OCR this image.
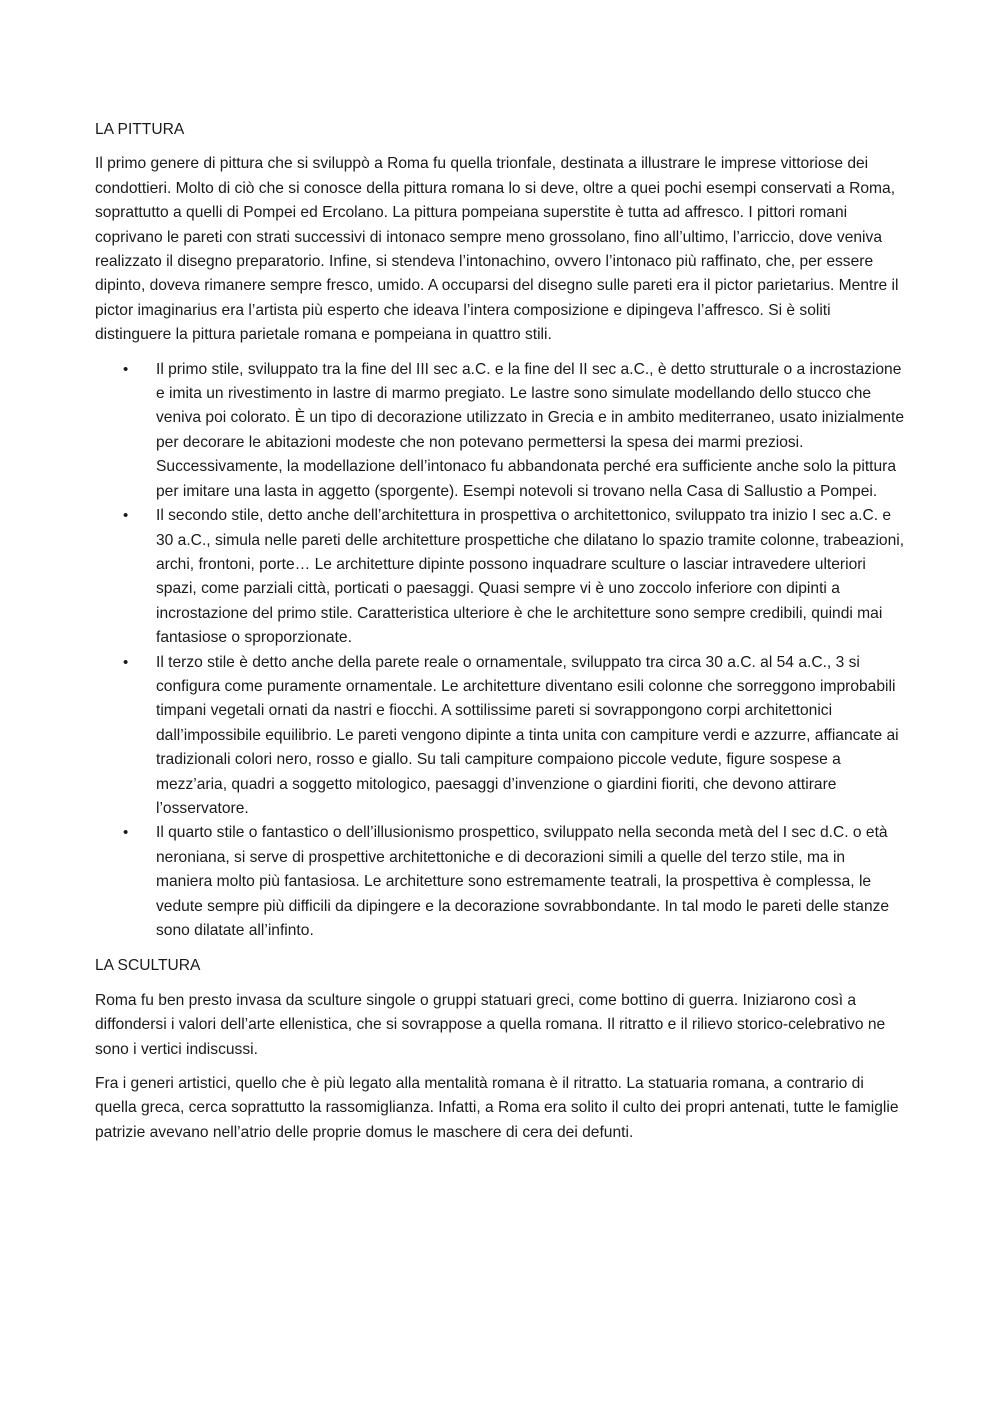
LA PITTURA

Il primo genere di pittura che si sviluppò a Roma fu quella trionfale, destinata a illustrare le imprese vittoriose dei condottieri. Molto di ciò che si conosce della pittura romana lo si deve, oltre a quei pochi esempi conservati a Roma, soprattutto a quelli di Pompei ed Ercolano. La pittura pompeiana superstite è tutta ad affresco. I pittori romani coprivano le pareti con strati successivi di intonaco sempre meno grossolano, fino all’ultimo, l’arriccio, dove veniva realizzato il disegno preparatorio. Infine, si stendeva l’intonachino, ovvero l’intonaco più raffinato, che, per essere dipinto, doveva rimanere sempre fresco, umido. A occuparsi del disegno sulle pareti era il pictor parietarius. Mentre il pictor imaginarius era l’artista più esperto che ideava l’intera composizione e dipingeva l’affresco. Si è soliti distinguere la pittura parietale romana e pompeiana in quattro stili.

• Il primo stile, sviluppato tra la fine del III sec a.C. e la fine del II sec a.C., è detto strutturale o a incrostazione e imita un rivestimento in lastre di marmo pregiato. Le lastre sono simulate modellando dello stucco che veniva poi colorato. È un tipo di decorazione utilizzato in Grecia e in ambito mediterraneo, usato inizialmente per decorare le abitazioni modeste che non potevano permettersi la spesa dei marmi preziosi. Successivamente, la modellazione dell’intonaco fu abbandonata perché era sufficiente anche solo la pittura per imitare una lasta in aggetto (sporgente). Esempi notevoli si trovano nella Casa di Sallustio a Pompei.
• Il secondo stile, detto anche dell’architettura in prospettiva o architettonico, sviluppato tra inizio I sec a.C. e 30 a.C., simula nelle pareti delle architetture prospettiche che dilatano lo spazio tramite colonne, trabeazioni, archi, frontoni, porte… Le architetture dipinte possono inquadrare sculture o lasciar intravedere ulteriori spazi, come parziali città, porticati o paesaggi. Quasi sempre vi è uno zoccolo inferiore con dipinti a incrostazione del primo stile. Caratteristica ulteriore è che le architetture sono sempre credibili, quindi mai fantasiose o sproporzionate.
• Il terzo stile è detto anche della parete reale o ornamentale, sviluppato tra circa 30 a.C. al 54 a.C., 3 si configura come puramente ornamentale. Le architetture diventano esili colonne che sorreggono improbabili timpani vegetali ornati da nastri e fiocchi. A sottilissime pareti si sovrappongono corpi architettonici dall’impossibile equilibrio. Le pareti vengono dipinte a tinta unita con campiture verdi e azzurre, affiancate ai tradizionali colori nero, rosso e giallo. Su tali campiture compaiono piccole vedute, figure sospese a mezz’aria, quadri a soggetto mitologico, paesaggi d’invenzione o giardini fioriti, che devono attirare l’osservatore.
• Il quarto stile o fantastico o dell’illusionismo prospettico, sviluppato nella seconda metà del I sec d.C. o età neroniana, si serve di prospettive architettoniche e di decorazioni simili a quelle del terzo stile, ma in maniera molto più fantasiosa. Le architetture sono estremamente teatrali, la prospettiva è complessa, le vedute sempre più difficili da dipingere e la decorazione sovrabbondante. In tal modo le pareti delle stanze sono dilatate all’infinto.
LA SCULTURA

Roma fu ben presto invasa da sculture singole o gruppi statuari greci, come bottino di guerra. Iniziarono così a diffondersi i valori dell’arte ellenistica, che si sovrappose a quella romana. Il ritratto e il rilievo storico-celebrativo ne sono i vertici indiscussi.

Fra i generi artistici, quello che è più legato alla mentalità romana è il ritratto. La statuaria romana, a contrario di quella greca, cerca soprattutto la rassomiglianza. Infatti, a Roma era solito il culto dei propri antenati, tutte le famiglie patrizie avevano nell’atrio delle proprie domus le maschere di cera dei defunti.
